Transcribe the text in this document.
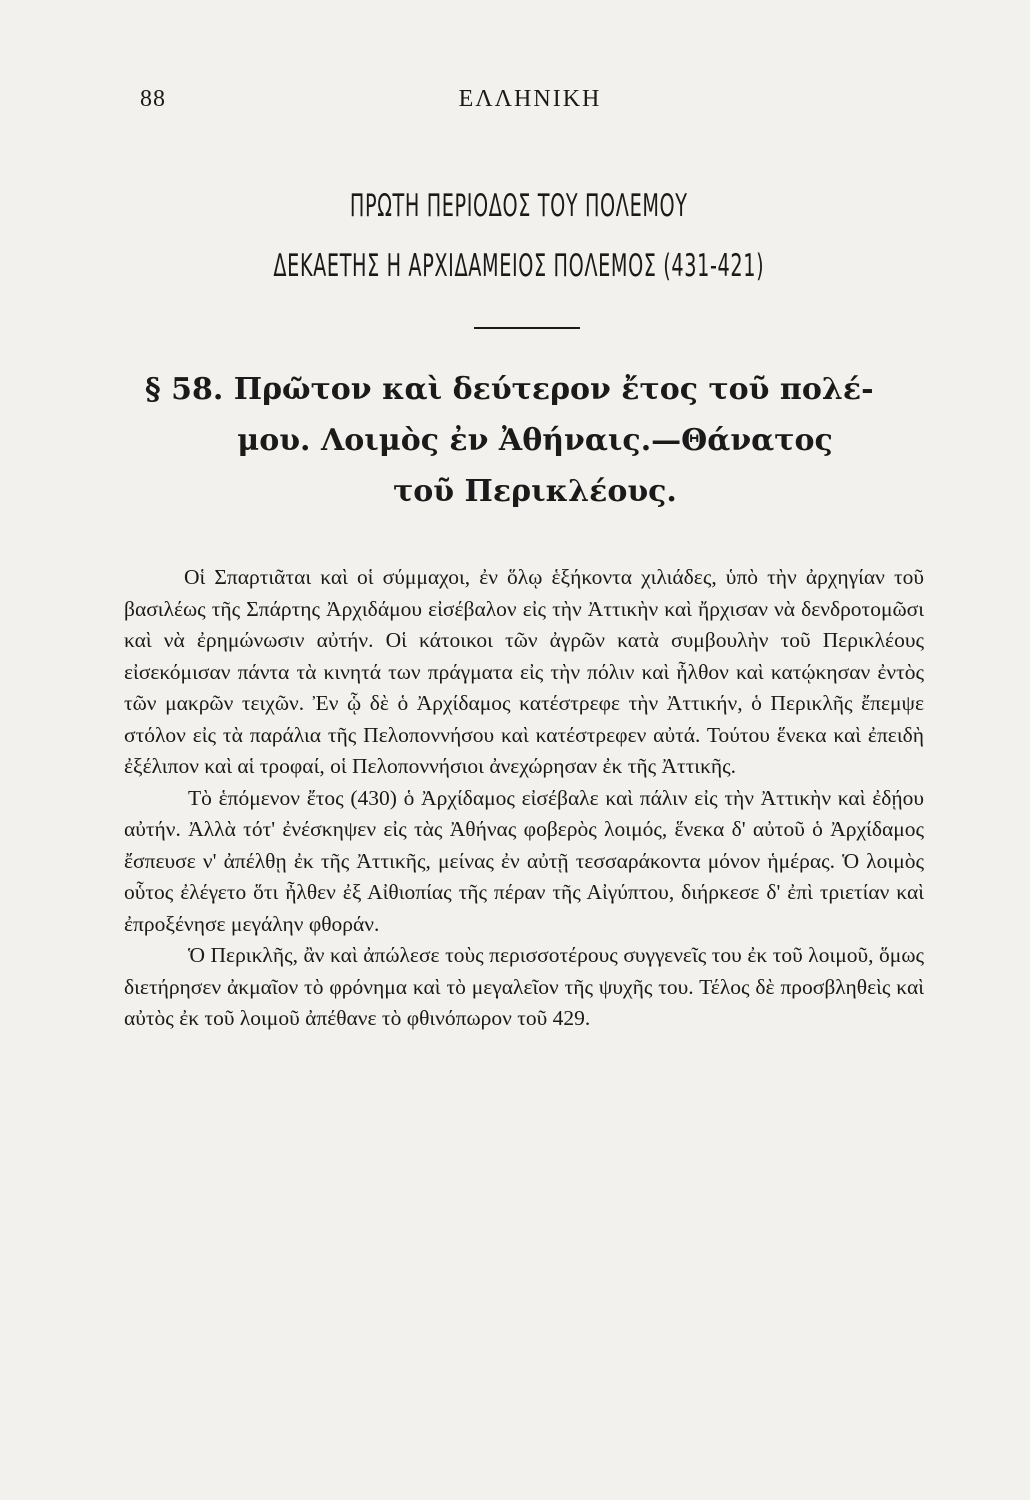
88	ΕΛΛΗΝΙΚΗ
ΠΡΩΤΗ ΠΕΡΙΟΔΟΣ ΤΟΥ ΠΟΛΕΜΟΥ
ΔΕΚΑΕΤΗΣ Η ΑΡΧΙΔΑΜΕΙΟΣ ΠΟΛΕΜΟΣ (431-421)
§ 58. Πρῶτον καὶ δεύτερον ἔτος τοῦ πολέ-
μου. Λοιμὸς ἐν Ἀθήναις.—Θάνατος
τοῦ Περικλέους.

Οἱ Σπαρτιᾶται καὶ οἱ σύμμαχοι, ἐν ὅλῳ ἑξήκοντα χιλιάδες, ὑπὸ τὴν ἀρχηγίαν τοῦ βασιλέως τῆς Σπάρτης Ἀρχιδάμου εἰσέβαλον εἰς τὴν Ἀττικὴν καὶ ἤρχισαν νὰ δενδροτομῶσι καὶ νὰ ἐρημώνωσιν αὐτήν. Οἱ κάτοικοι τῶν ἀγρῶν κατὰ συμβουλὴν τοῦ Περικλέους εἰσεκόμισαν πάντα τὰ κινητά των πράγματα εἰς τὴν πόλιν καὶ ἦλθον καὶ κατῴκησαν ἐντὸς τῶν μακρῶν τειχῶν. Ἐν ᾧ δὲ ὁ Ἀρχίδαμος κατέστρεφε τὴν Ἀττικήν, ὁ Περικλῆς ἔπεμψε στόλον εἰς τὰ παράλια τῆς Πελοποννήσου καὶ κατέστρεφεν αὐτά. Τούτου ἕνεκα καὶ ἐπειδὴ ἐξέλιπον καὶ αἱ τροφαί, οἱ Πελοποννήσιοι ἀνεχώρησαν ἐκ τῆς Ἀττικῆς.

Τὸ ἑπόμενον ἔτος (430) ὁ Ἀρχίδαμος εἰσέβαλε καὶ πάλιν εἰς τὴν Ἀττικὴν καὶ ἐδῄου αὐτήν. Ἀλλὰ τότ' ἐνέσκηψεν εἰς τὰς Ἀθήνας φοβερὸς λοιμός, ἕνεκα δ' αὐτοῦ ὁ Ἀρχίδαμος ἔσπευσε ν' ἀπέλθῃ ἐκ τῆς Ἀττικῆς, μείνας ἐν αὐτῇ τεσσαράκοντα μόνον ἡμέρας. Ὁ λοιμὸς οὗτος ἐλέγετο ὅτι ἦλθεν ἐξ Αἰθιοπίας τῆς πέραν τῆς Αἰγύπτου, διήρκεσε δ' ἐπὶ τριετίαν καὶ ἐπροξένησε μεγάλην φθοράν.

Ὁ Περικλῆς, ἂν καὶ ἀπώλεσε τοὺς περισσοτέρους συγγενεῖς του ἐκ τοῦ λοιμοῦ, ὅμως διετήρησεν ἀκμαῖον τὸ φρόνημα καὶ τὸ μεγαλεῖον τῆς ψυχῆς του. Τέλος δὲ προσβληθεὶς καὶ αὐτὸς ἐκ τοῦ λοιμοῦ ἀπέθανε τὸ φθινόπωρον τοῦ 429.
